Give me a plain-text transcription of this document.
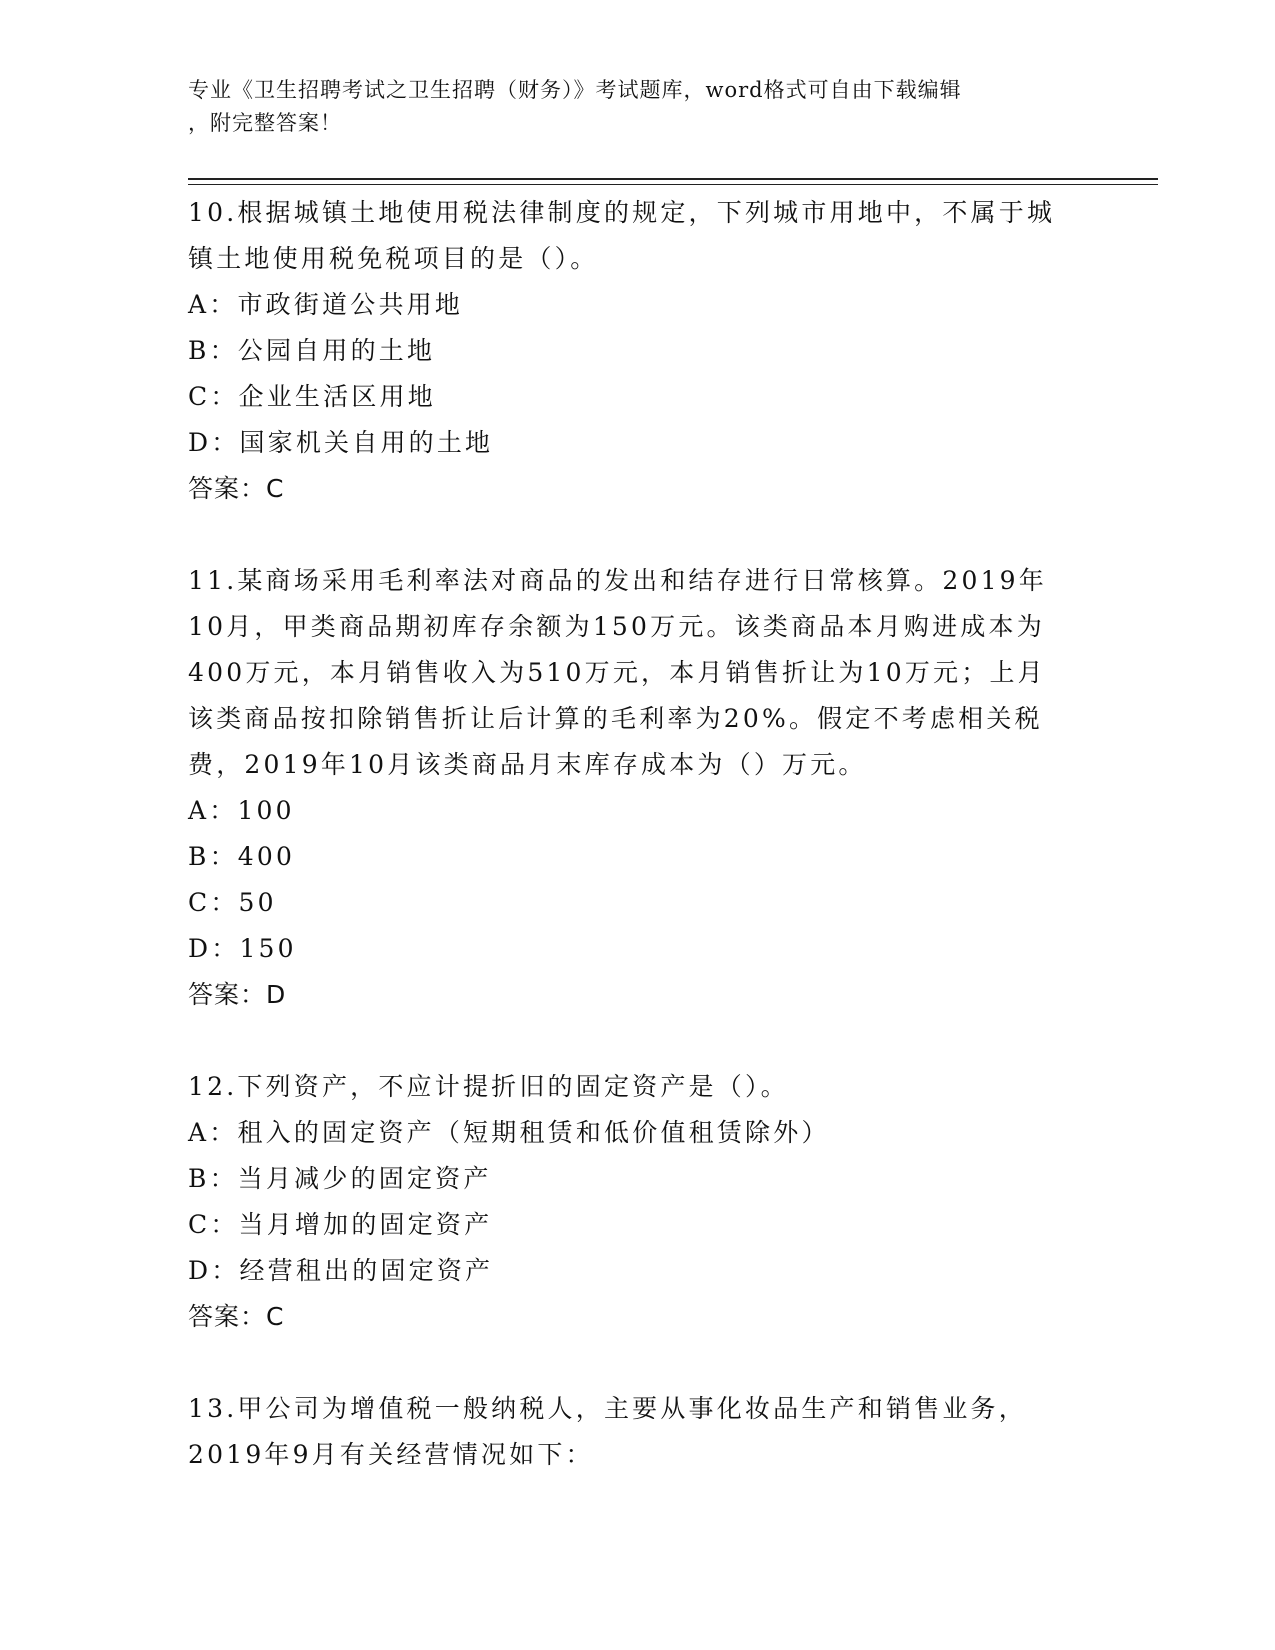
专业《卫生招聘考试之卫生招聘（财务）》考试题库，word格式可自由下载编辑
，附完整答案！

10.根据城镇土地使用税法律制度的规定，下列城市用地中，不属于城

镇土地使用税免税项目的是（）。

A：市政街道公共用地

B：公园自用的土地

C：企业生活区用地

D：国家机关自用的土地

答案：C

11.某商场采用毛利率法对商品的发出和结存进行日常核算。2019年

10月，甲类商品期初库存余额为150万元。该类商品本月购进成本为

400万元，本月销售收入为510万元，本月销售折让为10万元；上月

该类商品按扣除销售折让后计算的毛利率为20%。假定不考虑相关税

费，2019年10月该类商品月末库存成本为（）万元。

A：100

B：400

C：50

D：150

答案：D

12.下列资产，不应计提折旧的固定资产是（）。

A：租入的固定资产（短期租赁和低价值租赁除外）

B：当月减少的固定资产

C：当月增加的固定资产

D：经营租出的固定资产

答案：C

13.甲公司为增值税一般纳税人，主要从事化妆品生产和销售业务，

2019年9月有关经营情况如下：
